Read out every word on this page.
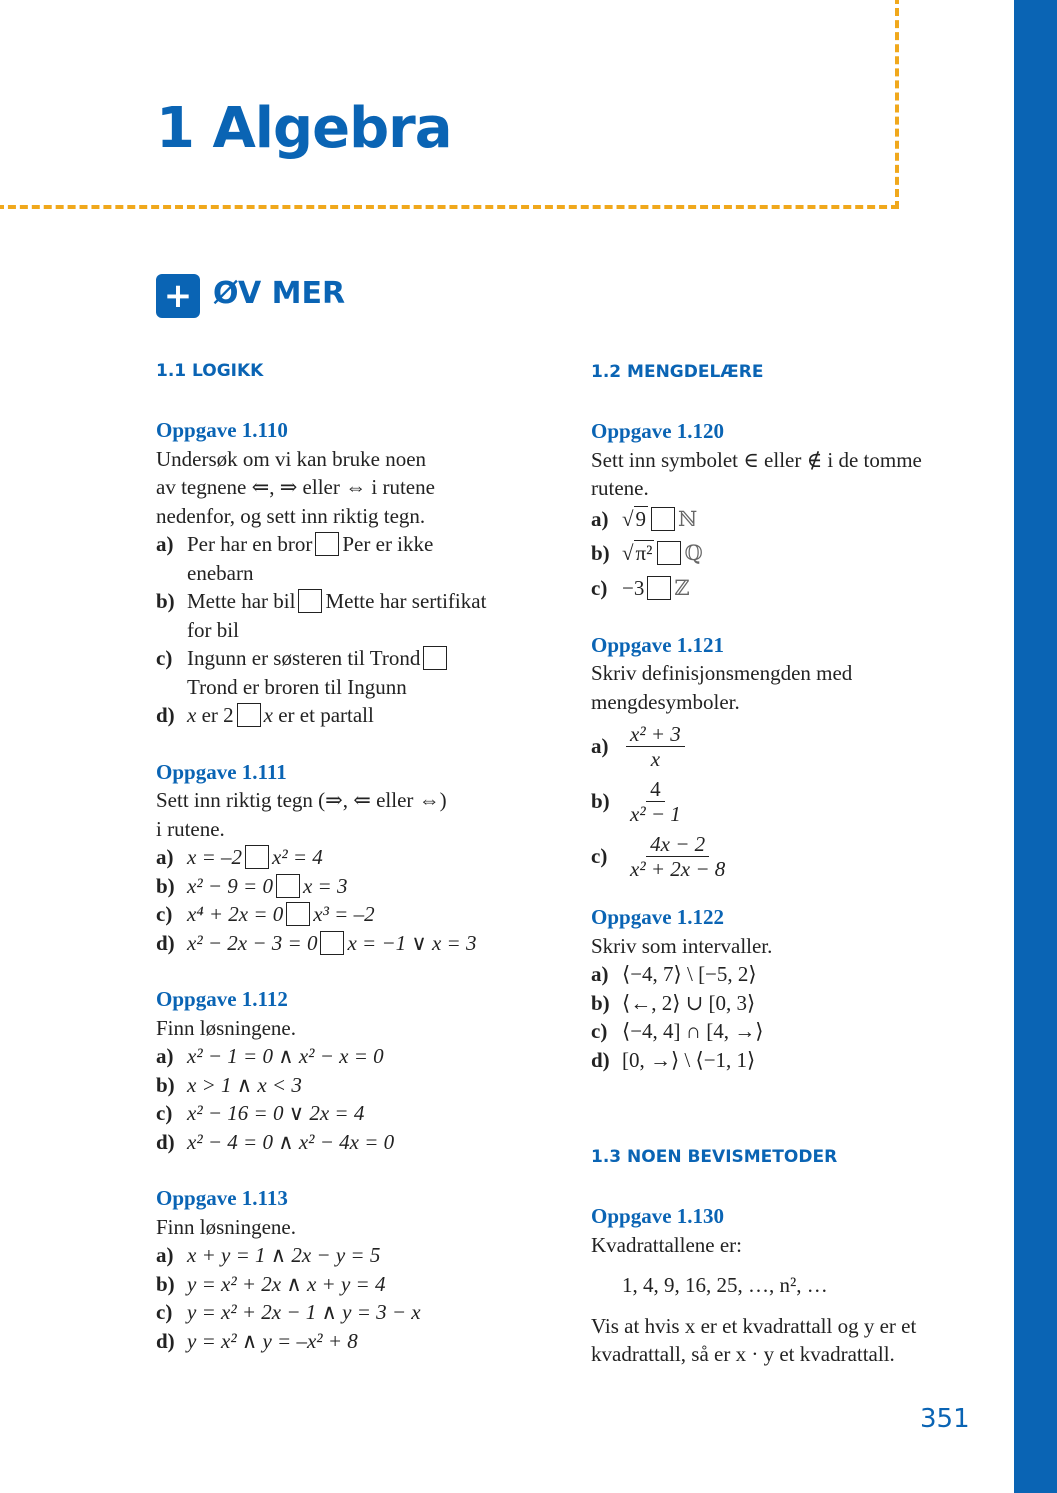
1 Algebra
+ ØV MER

1.1 LOGIKK

Oppgave 1.110

Undersøk om vi kan bruke noen

av tegnene ⇐, ⇒ eller ⇔ i rutene

nedenfor, og sett inn riktig tegn.

a) Per har en bror Per er ikke
enebarn
b) Mette har bil Mette har sertifikat
for bil
c) Ingunn er søsteren til Trond
Trond er broren til Ingunn
d) x er 2 x er et partall

Oppgave 1.111

Sett inn riktig tegn (⇒, ⇐ eller ⇔)

i rutene.

a) x = –2 x² = 4
b) x² − 9 = 0 x = 3
c) x⁴ + 2x = 0 x³ = –2
d) x² − 2x − 3 = 0 x = −1 ∨ x = 3

Oppgave 1.112

Finn løsningene.

a) x² − 1 = 0 ∧ x² − x = 0
b) x > 1 ∧ x < 3
c) x² − 16 = 0 ∨ 2x = 4
d) x² − 4 = 0 ∧ x² − 4x = 0

Oppgave 1.113

Finn løsningene.

a) x + y = 1 ∧ 2x − y = 5
b) y = x² + 2x ∧ x + y = 4
c) y = x² + 2x − 1 ∧ y = 3 − x
d) y = x² ∧ y = –x² + 8

1.2 MENGDELÆRE

Oppgave 1.120

Sett inn symbolet ∈ eller ∉ i de tomme

rutene.

a) √9 ℕ
b) √π² ℚ
c) −3 ℤ

Oppgave 1.121

Skriv definisjonsmengden med

mengdesymboler.

$a) \frac{\text{x² + 3}}{x}$
$b) \frac{4}{\text{x² − 1}}$
$c) \frac{4x - 2}{\text{x² + 2x − 8}}$

Oppgave 1.122

Skriv som intervaller.

a) ⟨−4, 7⟩ \ [−5, 2⟩
b) ⟨←, 2⟩ ∪ [0, 3⟩
c) ⟨−4, 4] ∩ [4, →⟩
d) [0, →⟩ \ ⟨−1, 1⟩

1.3 NOEN BEVISMETODER

Oppgave 1.130

Kvadrattallene er:

1, 4, 9, 16, 25, …, n², …

Vis at hvis x er et kvadrattall og y er et

kvadrattall, så er x · y et kvadrattall.

351
